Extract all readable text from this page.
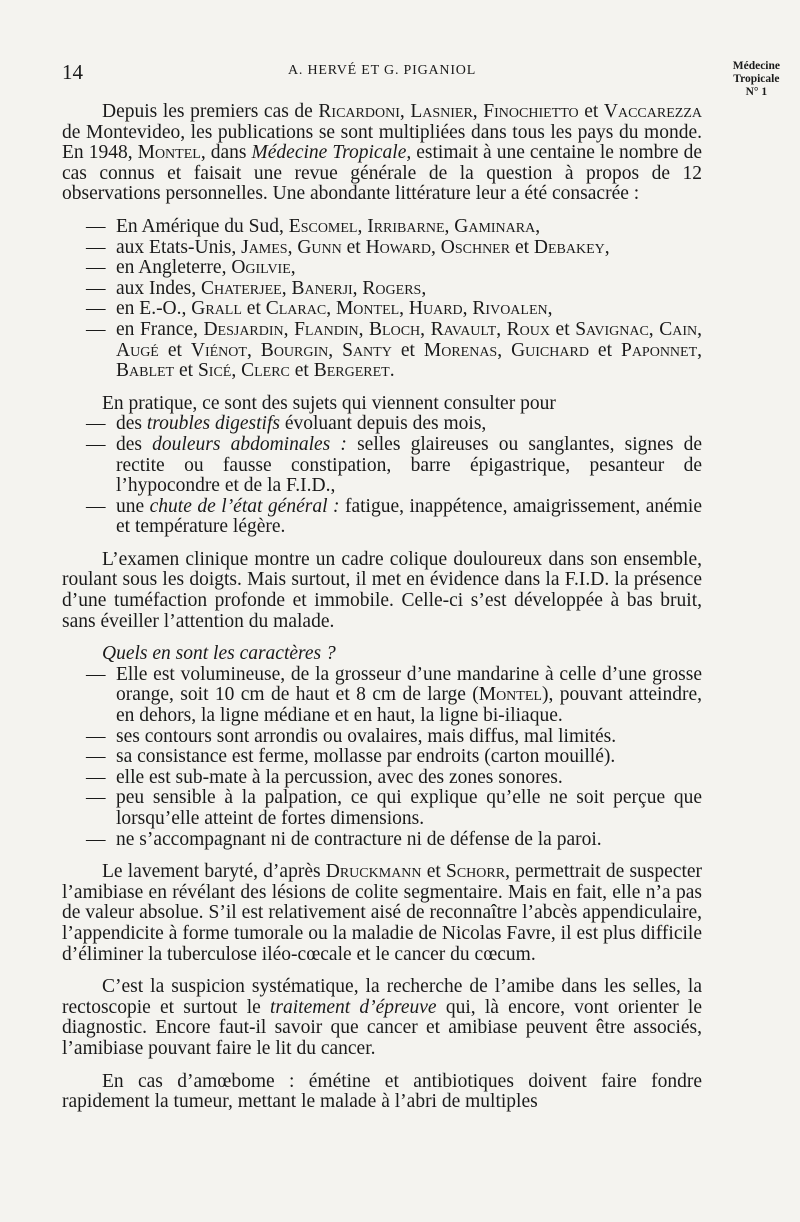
14	A. HERVÉ ET G. PIGANIOL	Médecine
Tropicale
N° 1

Depuis les premiers cas de Ricardoni, Lasnier, Finochietto et Vaccarezza de Montevideo, les publications se sont multipliées dans tous les pays du monde. En 1948, Montel, dans Médecine Tropicale, estimait à une centaine le nombre de cas connus et faisait une revue générale de la question à propos de 12 observations personnelles. Une abondante littérature leur a été consacrée :

— En Amérique du Sud, Escomel, Irribarne, Gaminara,
— aux Etats-Unis, James, Gunn et Howard, Oschner et Debakey,
— en Angleterre, Ogilvie,
— aux Indes, Chaterjee, Banerji, Rogers,
— en E.-O., Grall et Clarac, Montel, Huard, Rivoalen,
— en France, Desjardin, Flandin, Bloch, Ravault, Roux et Savignac, Cain, Augé et Viénot, Bourgin, Santy et Morenas, Guichard et Paponnet, Bablet et Sicé, Clerc et Bergeret.

En pratique, ce sont des sujets qui viennent consulter pour

— des troubles digestifs évoluant depuis des mois,
— des douleurs abdominales : selles glaireuses ou sanglantes, signes de rectite ou fausse constipation, barre épigastrique, pesanteur de l’hypocondre et de la F.I.D.,
— une chute de l’état général : fatigue, inappétence, amaigrissement, anémie et température légère.

L’examen clinique montre un cadre colique douloureux dans son ensemble, roulant sous les doigts. Mais surtout, il met en évidence dans la F.I.D. la présence d’une tuméfaction profonde et immobile. Celle-ci s’est développée à bas bruit, sans éveiller l’attention du malade.

Quels en sont les caractères ?

— Elle est volumineuse, de la grosseur d’une mandarine à celle d’une grosse orange, soit 10 cm de haut et 8 cm de large (Montel), pouvant atteindre, en dehors, la ligne médiane et en haut, la ligne bi-iliaque.
— ses contours sont arrondis ou ovalaires, mais diffus, mal limités.
— sa consistance est ferme, mollasse par endroits (carton mouillé).
— elle est sub-mate à la percussion, avec des zones sonores.
— peu sensible à la palpation, ce qui explique qu’elle ne soit perçue que lorsqu’elle atteint de fortes dimensions.
— ne s’accompagnant ni de contracture ni de défense de la paroi.

Le lavement baryté, d’après Druckmann et Schorr, permettrait de suspecter l’amibiase en révélant des lésions de colite segmentaire. Mais en fait, elle n’a pas de valeur absolue. S’il est relativement aisé de reconnaître l’abcès appendiculaire, l’appendicite à forme tumorale ou la maladie de Nicolas Favre, il est plus difficile d’éliminer la tuberculose iléo-cœcale et le cancer du cœcum.

C’est la suspicion systématique, la recherche de l’amibe dans les selles, la rectoscopie et surtout le traitement d’épreuve qui, là encore, vont orienter le diagnostic. Encore faut-il savoir que cancer et amibiase peuvent être associés, l’amibiase pouvant faire le lit du cancer.

En cas d’amœbome : émétine et antibiotiques doivent faire fondre rapidement la tumeur, mettant le malade à l’abri de multiples
